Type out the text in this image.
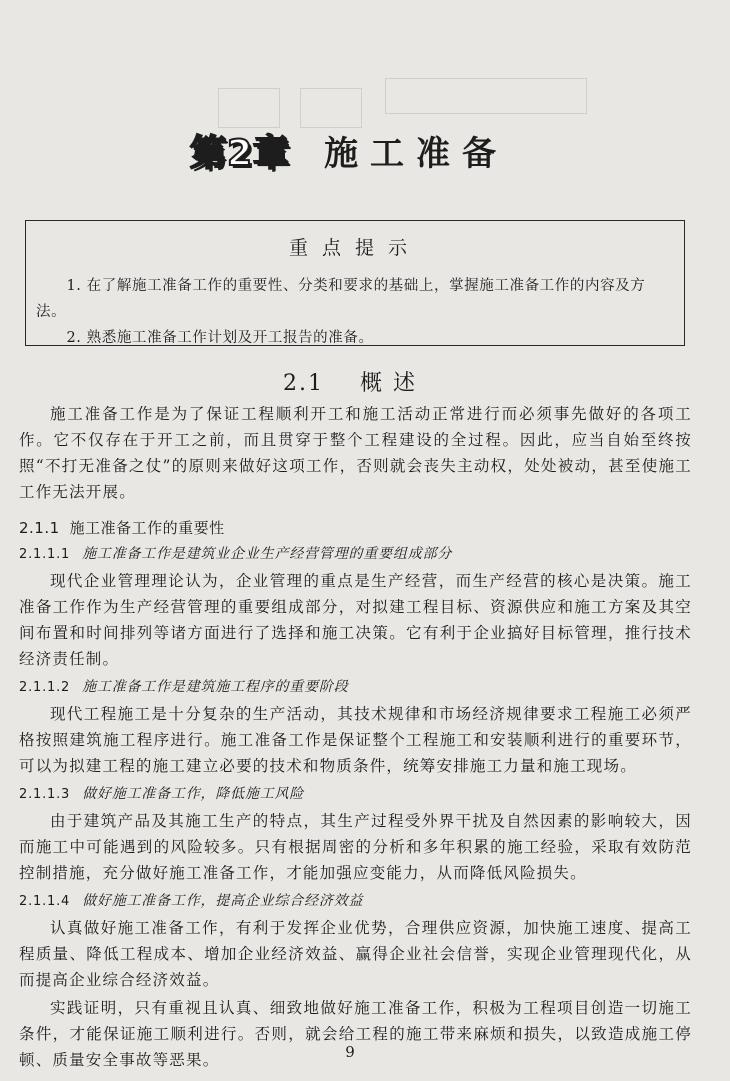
第2章 施工准备
重点提示

1. 在了解施工准备工作的重要性、分类和要求的基础上，掌握施工准备工作的内容及方法。

2. 熟悉施工准备工作计划及开工报告的准备。

2.1 概 述

施工准备工作是为了保证工程顺利开工和施工活动正常进行而必须事先做好的各项工作。它不仅存在于开工之前，而且贯穿于整个工程建设的全过程。因此，应当自始至终按照“不打无准备之仗”的原则来做好这项工作，否则就会丧失主动权，处处被动，甚至使施工工作无法开展。

2.1.1 施工准备工作的重要性
2.1.1.1 施工准备工作是建筑业企业生产经营管理的重要组成部分

现代企业管理理论认为，企业管理的重点是生产经营，而生产经营的核心是决策。施工准备工作作为生产经营管理的重要组成部分，对拟建工程目标、资源供应和施工方案及其空间布置和时间排列等诸方面进行了选择和施工决策。它有利于企业搞好目标管理，推行技术经济责任制。

2.1.1.2 施工准备工作是建筑施工程序的重要阶段

现代工程施工是十分复杂的生产活动，其技术规律和市场经济规律要求工程施工必须严格按照建筑施工程序进行。施工准备工作是保证整个工程施工和安装顺利进行的重要环节，可以为拟建工程的施工建立必要的技术和物质条件，统筹安排施工力量和施工现场。

2.1.1.3 做好施工准备工作，降低施工风险

由于建筑产品及其施工生产的特点，其生产过程受外界干扰及自然因素的影响较大，因而施工中可能遇到的风险较多。只有根据周密的分析和多年积累的施工经验，采取有效防范控制措施，充分做好施工准备工作，才能加强应变能力，从而降低风险损失。

2.1.1.4 做好施工准备工作，提高企业综合经济效益

认真做好施工准备工作，有利于发挥企业优势，合理供应资源，加快施工速度、提高工程质量、降低工程成本、增加企业经济效益、赢得企业社会信誉，实现企业管理现代化，从而提高企业综合经济效益。

实践证明，只有重视且认真、细致地做好施工准备工作，积极为工程项目创造一切施工条件，才能保证施工顺利进行。否则，就会给工程的施工带来麻烦和损失，以致造成施工停顿、质量安全事故等恶果。	9
